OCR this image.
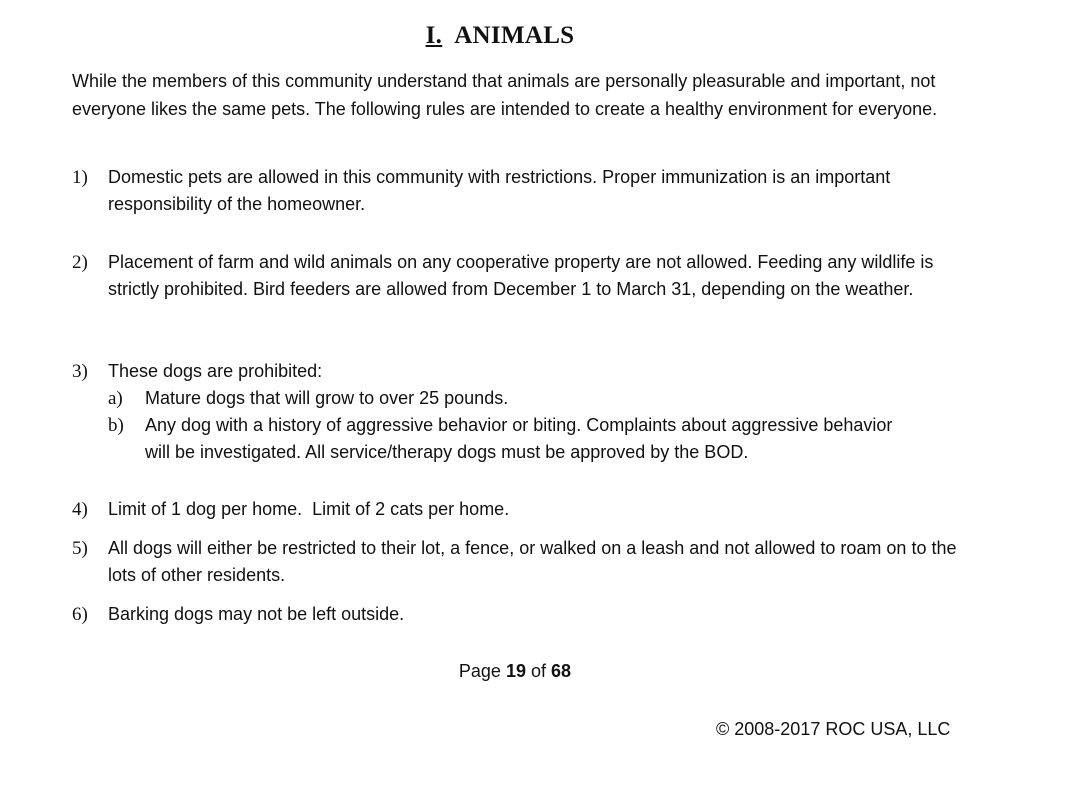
I. ANIMALS

While the members of this community understand that animals are personally pleasurable and important, not everyone likes the same pets. The following rules are intended to create a healthy environment for everyone.

1) Domestic pets are allowed in this community with restrictions. Proper immunization is an important responsibility of the homeowner.
2) Placement of farm and wild animals on any cooperative property are not allowed. Feeding any wildlife is strictly prohibited. Bird feeders are allowed from December 1 to March 31, depending on the weather.
3) These dogs are prohibited:
a) Mature dogs that will grow to over 25 pounds.
b) Any dog with a history of aggressive behavior or biting. Complaints about aggressive behavior will be investigated. All service/therapy dogs must be approved by the BOD.
4) Limit of 1 dog per home.  Limit of 2 cats per home.
5) All dogs will either be restricted to their lot, a fence, or walked on a leash and not allowed to roam on to the lots of other residents.
6) Barking dogs may not be left outside.
Page 19 of 68
© 2008-2017 ROC USA, LLC
